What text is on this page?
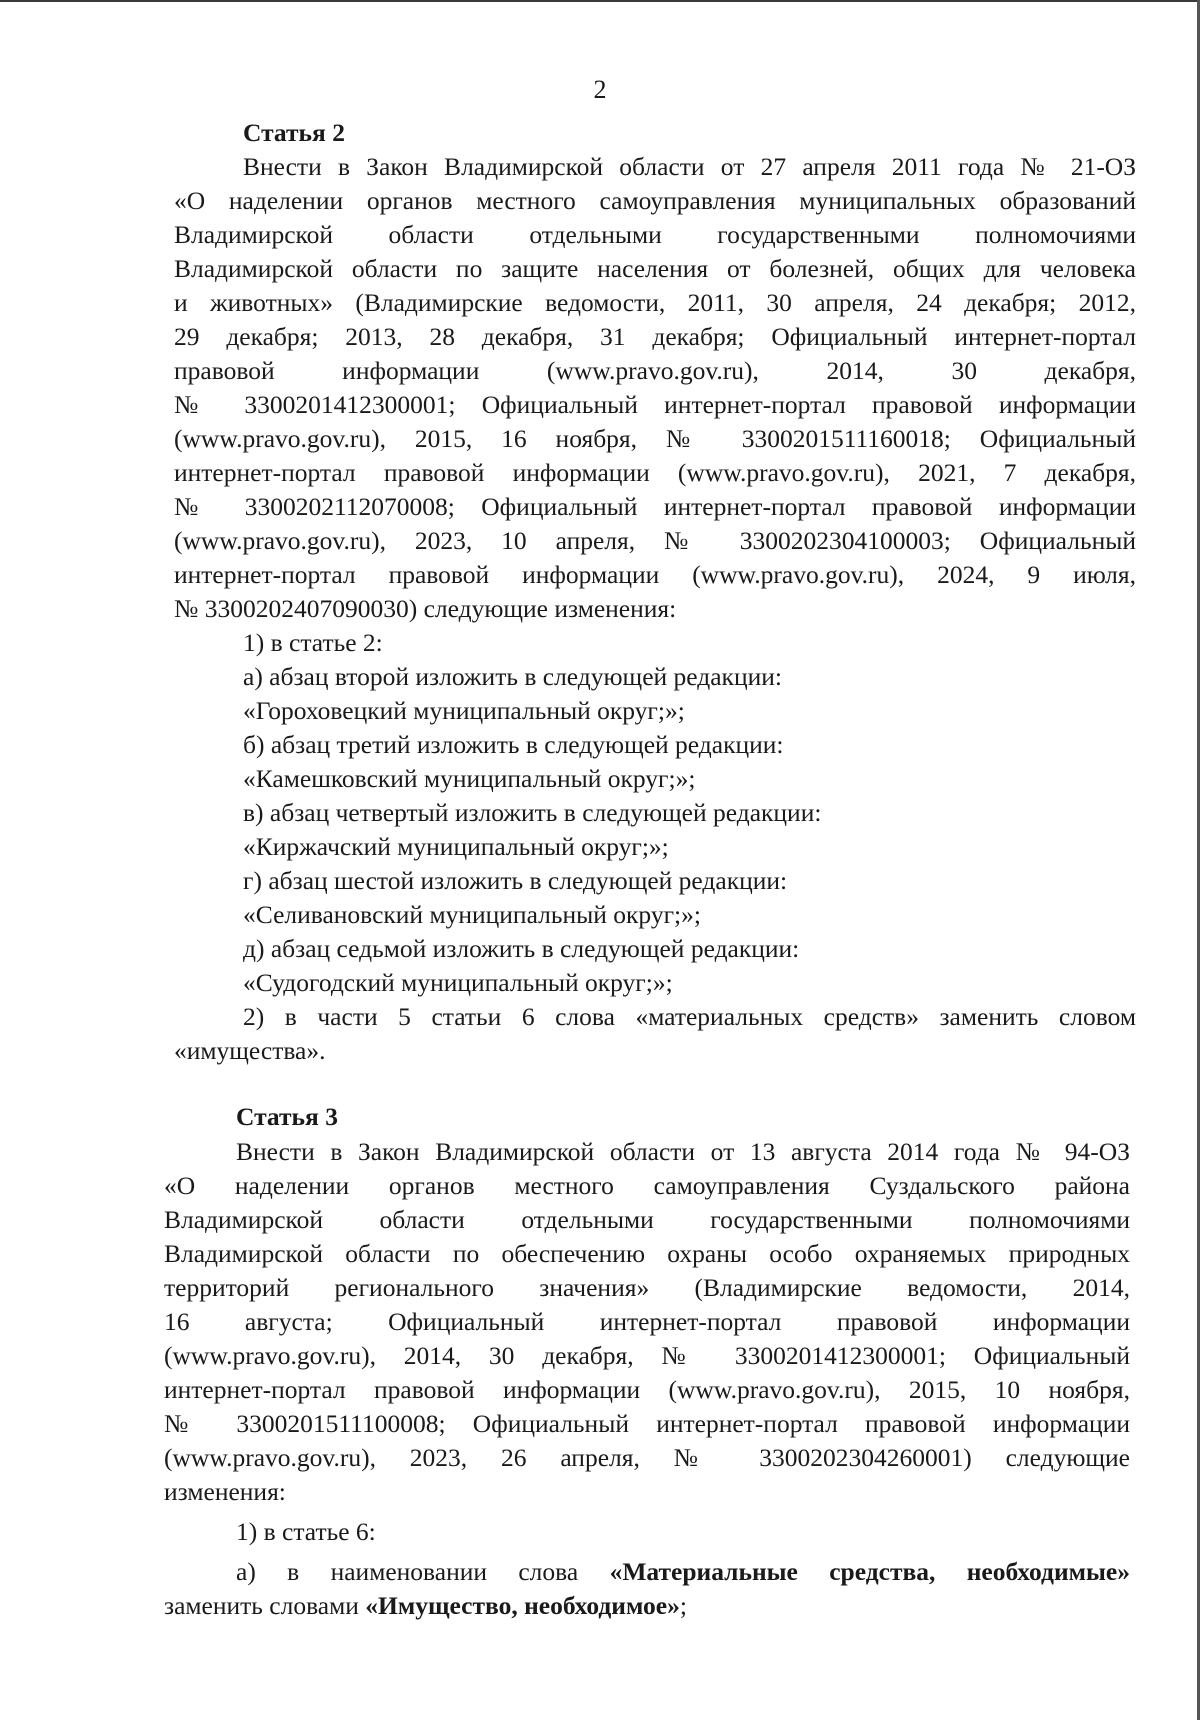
2
Статья 2
Внести в Закон Владимирской области от 27 апреля 2011 года № 21-ОЗ
«О наделении органов местного самоуправления муниципальных образований
Владимирской области отдельными государственными полномочиями
Владимирской области по защите населения от болезней, общих для человека
и животных» (Владимирские ведомости, 2011, 30 апреля, 24 декабря; 2012,
29 декабря; 2013, 28 декабря, 31 декабря; Официальный интернет-портал
правовой информации (www.pravo.gov.ru), 2014, 30 декабря,
№ 3300201412300001; Официальный интернет-портал правовой информации
(www.pravo.gov.ru), 2015, 16 ноября, № 3300201511160018; Официальный
интернет-портал правовой информации (www.pravo.gov.ru), 2021, 7 декабря,
№ 3300202112070008; Официальный интернет-портал правовой информации
(www.pravo.gov.ru), 2023, 10 апреля, № 3300202304100003; Официальный
интернет-портал правовой информации (www.pravo.gov.ru), 2024, 9 июля,
№ 3300202407090030) следующие изменения:
1) в статье 2:
а) абзац второй изложить в следующей редакции:
«Гороховецкий муниципальный округ;»;
б) абзац третий изложить в следующей редакции:
«Камешковский муниципальный округ;»;
в) абзац четвертый изложить в следующей редакции:
«Киржачский муниципальный округ;»;
г) абзац шестой изложить в следующей редакции:
«Селивановский муниципальный округ;»;
д) абзац седьмой изложить в следующей редакции:
«Судогодский муниципальный округ;»;
2) в части 5 статьи 6 слова «материальных средств» заменить словом
«имущества».
Статья 3
Внести в Закон Владимирской области от 13 августа 2014 года № 94-ОЗ
«О наделении органов местного самоуправления Суздальского района
Владимирской области отдельными государственными полномочиями
Владимирской области по обеспечению охраны особо охраняемых природных
территорий регионального значения» (Владимирские ведомости, 2014,
16 августа; Официальный интернет-портал правовой информации
(www.pravo.gov.ru), 2014, 30 декабря, № 3300201412300001; Официальный
интернет-портал правовой информации (www.pravo.gov.ru), 2015, 10 ноября,
№ 3300201511100008; Официальный интернет-портал правовой информации
(www.pravo.gov.ru), 2023, 26 апреля, № 3300202304260001) следующие
изменения:
1) в статье 6:
а) в наименовании слова «Материальные средства, необходимые»
заменить словами «Имущество, необходимое»;
